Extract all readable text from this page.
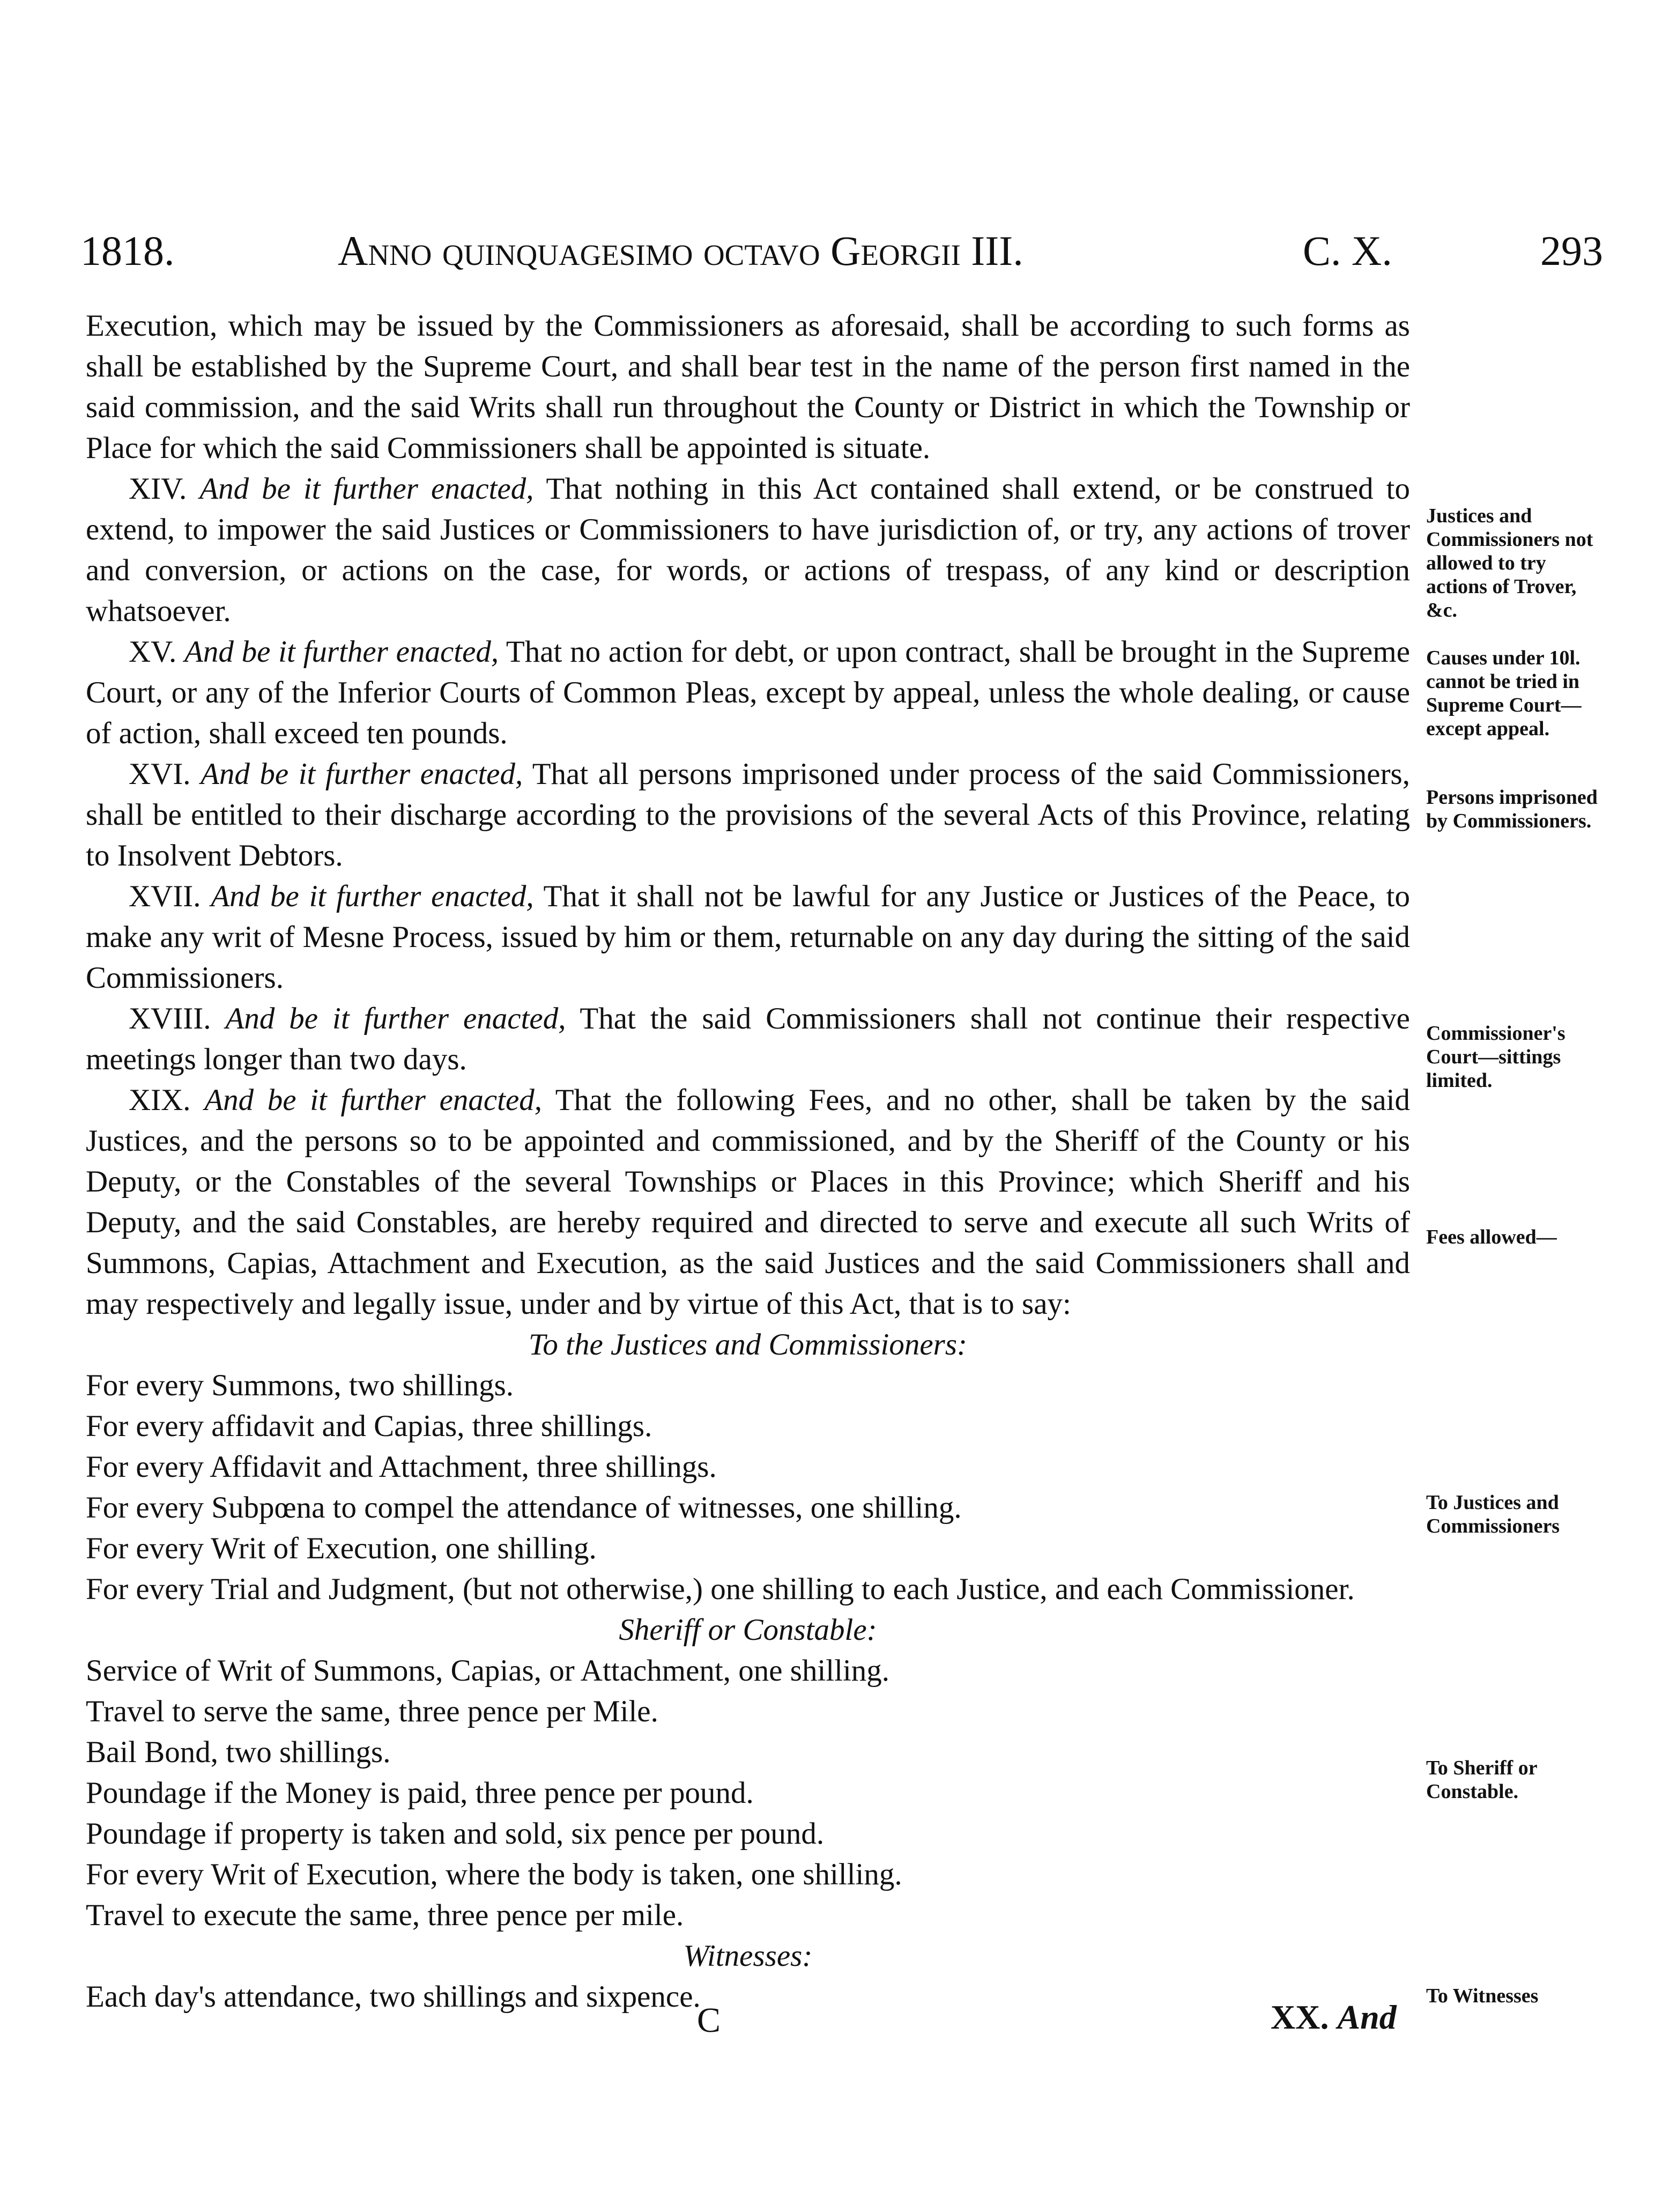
1818.	Anno quinquagesimo octavo Georgii III.	C. X.	293

Execution, which may be issued by the Commissioners as aforesaid, shall be according to such forms as shall be established by the Supreme Court, and shall bear test in the name of the person first named in the said commission, and the said Writs shall run throughout the County or District in which the Township or Place for which the said Commissioners shall be appointed is situate.

XIV. And be it further enacted, That nothing in this Act contained shall extend, or be construed to extend, to impower the said Justices or Commissioners to have jurisdiction of, or try, any actions of trover and conversion, or actions on the case, for words, or actions of trespass, of any kind or description whatsoever.

XV. And be it further enacted, That no action for debt, or upon contract, shall be brought in the Supreme Court, or any of the Inferior Courts of Common Pleas, except by appeal, unless the whole dealing, or cause of action, shall exceed ten pounds.

XVI. And be it further enacted, That all persons imprisoned under process of the said Commissioners, shall be entitled to their discharge according to the provisions of the several Acts of this Province, relating to Insolvent Debtors.

XVII. And be it further enacted, That it shall not be lawful for any Justice or Justices of the Peace, to make any writ of Mesne Process, issued by him or them, returnable on any day during the sitting of the said Commissioners.

XVIII. And be it further enacted, That the said Commissioners shall not continue their respective meetings longer than two days.

XIX. And be it further enacted, That the following Fees, and no other, shall be taken by the said Justices, and the persons so to be appointed and commissioned, and by the Sheriff of the County or his Deputy, or the Constables of the several Townships or Places in this Province; which Sheriff and his Deputy, and the said Constables, are hereby required and directed to serve and execute all such Writs of Summons, Capias, Attachment and Execution, as the said Justices and the said Commissioners shall and may respectively and legally issue, under and by virtue of this Act, that is to say:

To the Justices and Commissioners:

For every Summons, two shillings.
For every affidavit and Capias, three shillings.
For every Affidavit and Attachment, three shillings.
For every Subpœna to compel the attendance of witnesses, one shilling.
For every Writ of Execution, one shilling.
For every Trial and Judgment, (but not otherwise,) one shilling to each Justice, and each Commissioner.

Sheriff or Constable:

Service of Writ of Summons, Capias, or Attachment, one shilling.
Travel to serve the same, three pence per Mile.
Bail Bond, two shillings.
Poundage if the Money is paid, three pence per pound.
Poundage if property is taken and sold, six pence per pound.
For every Writ of Execution, where the body is taken, one shilling.
Travel to execute the same, three pence per mile.

Witnesses:

Each day's attendance, two shillings and sixpence.
Justices and Commissioners not allowed to try actions of Trover, &c.
Causes under 10l. cannot be tried in Supreme Court—except appeal.
Persons imprisoned by Commissioners.
Commissioner's Court—sittings limited.
Fees allowed—
To Justices and Commissioners
To Sheriff or Constable.
To Witnesses
C	XX. And
